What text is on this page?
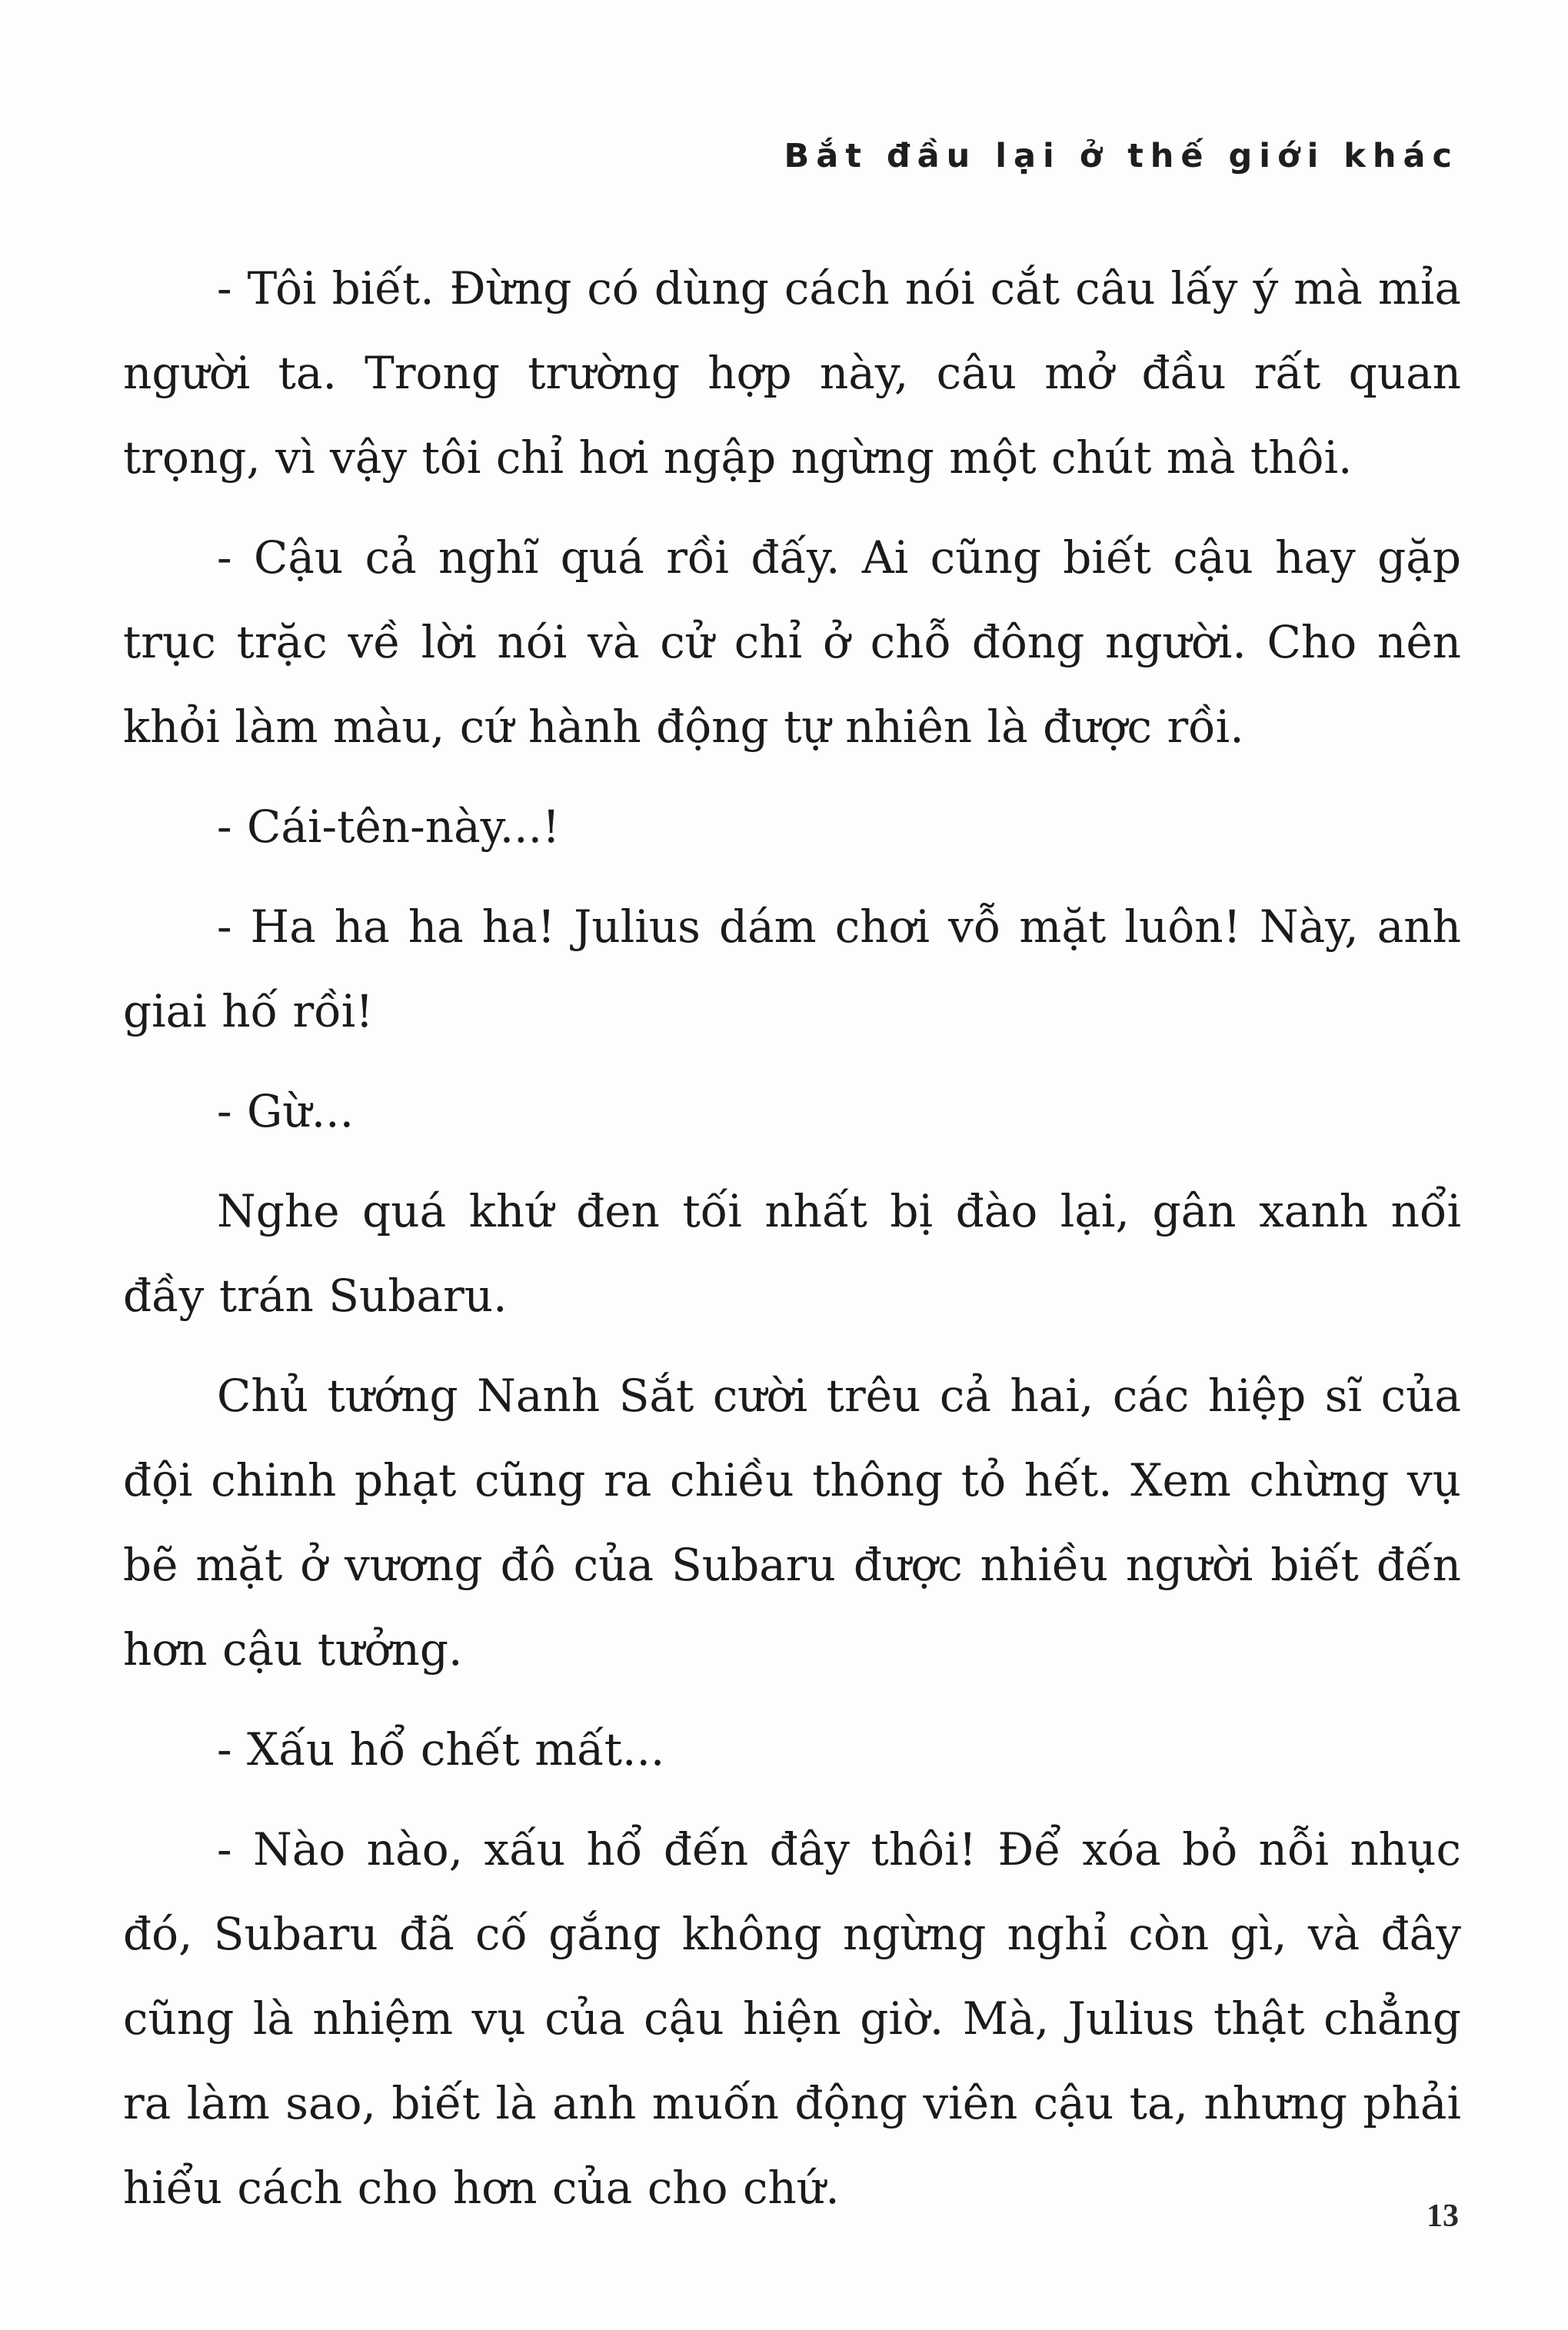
Bắt đầu lại ở thế giới khác

- Tôi biết. Đừng có dùng cách nói cắt câu lấy ý mà mỉa người ta. Trong trường hợp này, câu mở đầu rất quan trọng, vì vậy tôi chỉ hơi ngập ngừng một chút mà thôi.

- Cậu cả nghĩ quá rồi đấy. Ai cũng biết cậu hay gặp trục trặc về lời nói và cử chỉ ở chỗ đông người. Cho nên khỏi làm màu, cứ hành động tự nhiên là được rồi.

- Cái-tên-này...!

- Ha ha ha ha! Julius dám chơi vỗ mặt luôn! Này, anh giai hố rồi!

- Gừ...

Nghe quá khứ đen tối nhất bị đào lại, gân xanh nổi đầy trán Subaru.

Chủ tướng Nanh Sắt cười trêu cả hai, các hiệp sĩ của đội chinh phạt cũng ra chiều thông tỏ hết. Xem chừng vụ bẽ mặt ở vương đô của Subaru được nhiều người biết đến hơn cậu tưởng.

- Xấu hổ chết mất...

- Nào nào, xấu hổ đến đây thôi! Để xóa bỏ nỗi nhục đó, Subaru đã cố gắng không ngừng nghỉ còn gì, và đây cũng là nhiệm vụ của cậu hiện giờ. Mà, Julius thật chẳng ra làm sao, biết là anh muốn động viên cậu ta, nhưng phải hiểu cách cho hơn của cho chứ.

13
